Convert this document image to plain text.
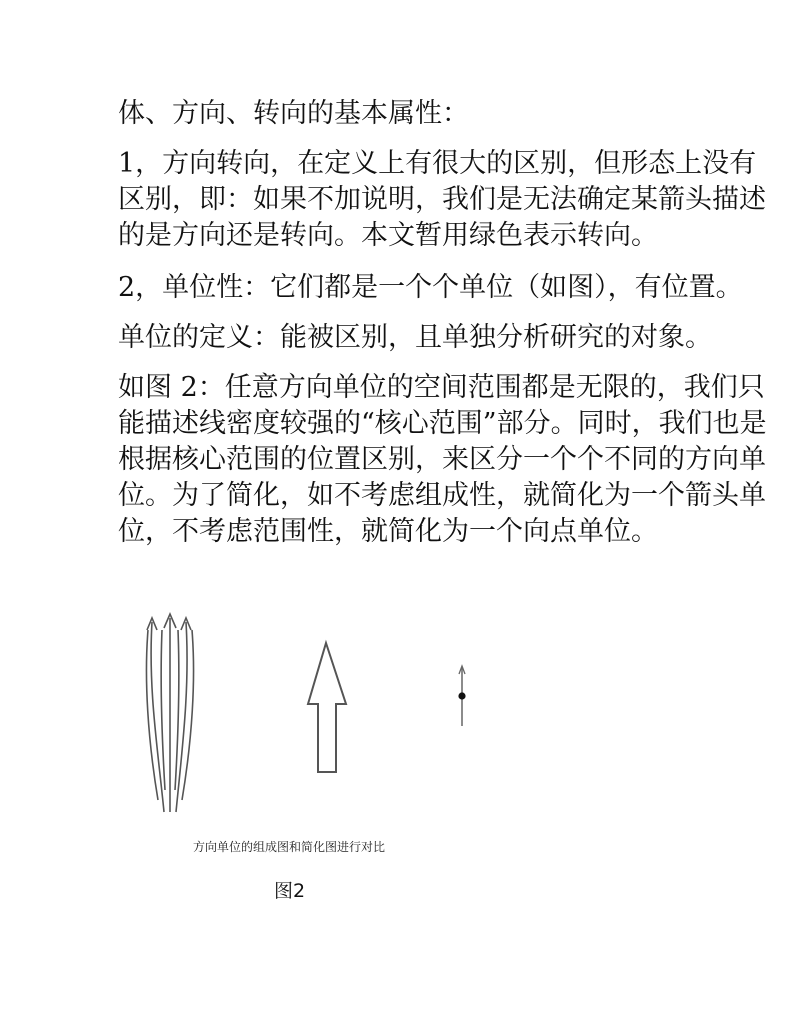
体、方向、转向的基本属性：
1，方向转向，在定义上有很大的区别，但形态上没有区别，即：如果不加说明，我们是无法确定某箭头描述的是方向还是转向。本文暂用绿色表示转向。
2，单位性：它们都是一个个单位（如图），有位置。
单位的定义：能被区别，且单独分析研究的对象。
如图 2：任意方向单位的空间范围都是无限的，我们只能描述线密度较强的“核心范围”部分。同时，我们也是根据核心范围的位置区别，来区分一个个不同的方向单位。为了简化，如不考虑组成性，就简化为一个箭头单位，不考虑范围性，就简化为一个向点单位。
方向单位的组成图和简化图进行对比
图2
